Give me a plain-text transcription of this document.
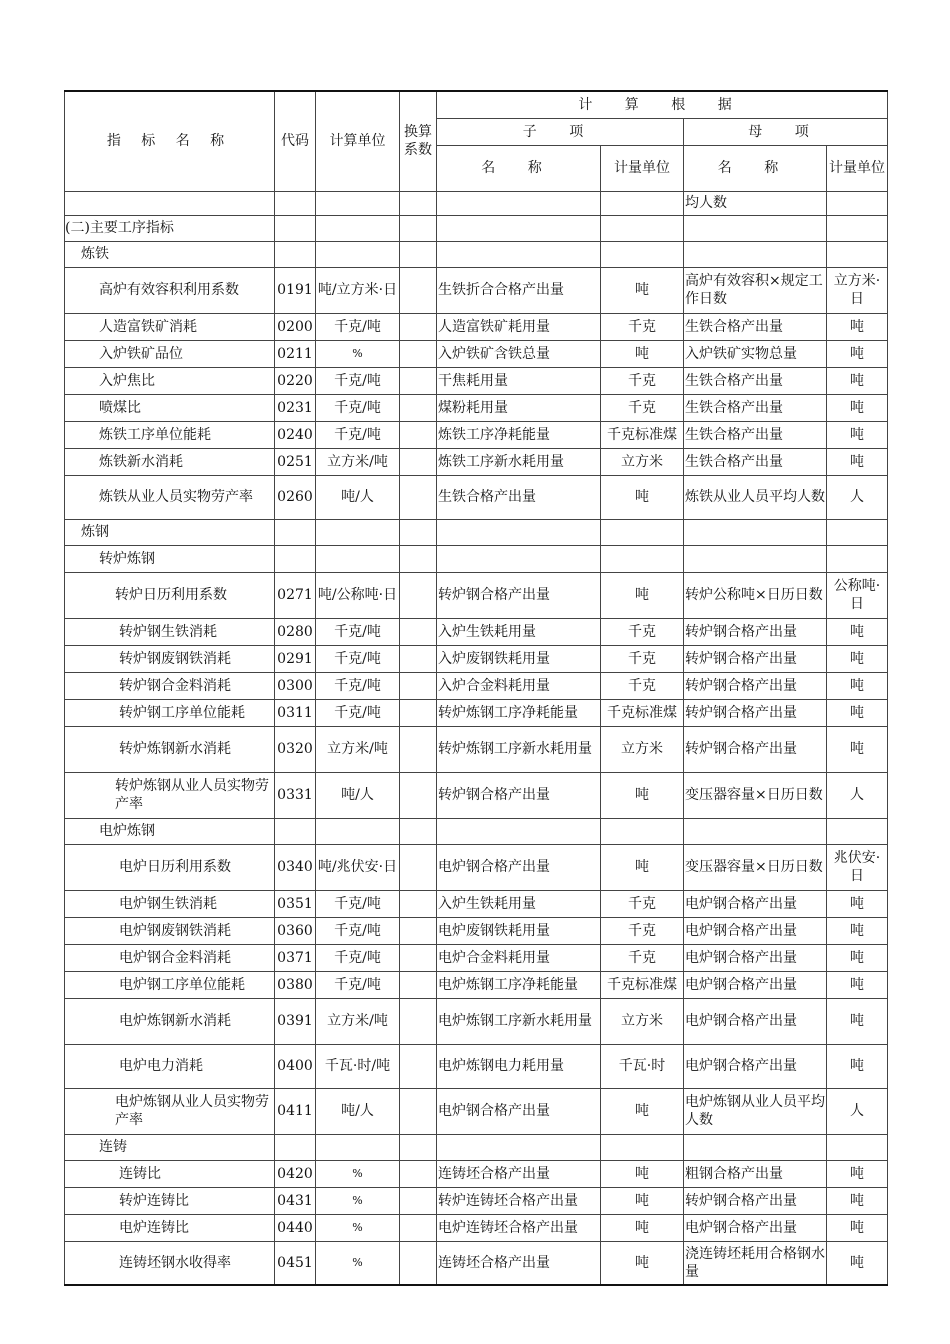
指 标 名 称	代码	计算单位	换算系数	计 算 根 据			
				子 项		母 项	
				名 称	计量单位	名 称	计量单位
						均人数	
(二)主要工序指标							
炼铁							
高炉有效容积利用系数	0191	吨/立方米·日		生铁折合合格产出量	吨	高炉有效容积×规定工作日数	立方米·日
人造富铁矿消耗	0200	千克/吨		人造富铁矿耗用量	千克	生铁合格产出量	吨
入炉铁矿品位	0211	%		入炉铁矿含铁总量	吨	入炉铁矿实物总量	吨
入炉焦比	0220	千克/吨		干焦耗用量	千克	生铁合格产出量	吨
喷煤比	0231	千克/吨		煤粉耗用量	千克	生铁合格产出量	吨
炼铁工序单位能耗	0240	千克/吨		炼铁工序净耗能量	千克标准煤	生铁合格产出量	吨
炼铁新水消耗	0251	立方米/吨		炼铁工序新水耗用量	立方米	生铁合格产出量	吨
炼铁从业人员实物劳产率	0260	吨/人		生铁合格产出量	吨	炼铁从业人员平均人数	人
炼钢							
转炉炼钢							
转炉日历利用系数	0271	吨/公称吨·日		转炉钢合格产出量	吨	转炉公称吨×日历日数	公称吨·日
转炉钢生铁消耗	0280	千克/吨		入炉生铁耗用量	千克	转炉钢合格产出量	吨
转炉钢废钢铁消耗	0291	千克/吨		入炉废钢铁耗用量	千克	转炉钢合格产出量	吨
转炉钢合金料消耗	0300	千克/吨		入炉合金料耗用量	千克	转炉钢合格产出量	吨
转炉钢工序单位能耗	0311	千克/吨		转炉炼钢工序净耗能量	千克标准煤	转炉钢合格产出量	吨
转炉炼钢新水消耗	0320	立方米/吨		转炉炼钢工序新水耗用量	立方米	转炉钢合格产出量	吨
转炉炼钢从业人员实物劳产率	0331	吨/人		转炉钢合格产出量	吨	变压器容量×日历日数	人
电炉炼钢							
电炉日历利用系数	0340	吨/兆伏安·日		电炉钢合格产出量	吨	变压器容量×日历日数	兆伏安·日
电炉钢生铁消耗	0351	千克/吨		入炉生铁耗用量	千克	电炉钢合格产出量	吨
电炉钢废钢铁消耗	0360	千克/吨		电炉废钢铁耗用量	千克	电炉钢合格产出量	吨
电炉钢合金料消耗	0371	千克/吨		电炉合金料耗用量	千克	电炉钢合格产出量	吨
电炉钢工序单位能耗	0380	千克/吨		电炉炼钢工序净耗能量	千克标准煤	电炉钢合格产出量	吨
电炉炼钢新水消耗	0391	立方米/吨		电炉炼钢工序新水耗用量	立方米	电炉钢合格产出量	吨
电炉电力消耗	0400	千瓦·时/吨		电炉炼钢电力耗用量	千瓦·时	电炉钢合格产出量	吨
电炉炼钢从业人员实物劳产率	0411	吨/人		电炉钢合格产出量	吨	电炉炼钢从业人员平均人数	人
连铸							
连铸比	0420	%		连铸坯合格产出量	吨	粗钢合格产出量	吨
转炉连铸比	0431	%		转炉连铸坯合格产出量	吨	转炉钢合格产出量	吨
电炉连铸比	0440	%		电炉连铸坯合格产出量	吨	电炉钢合格产出量	吨
连铸坯钢水收得率	0451	%		连铸坯合格产出量	吨	浇连铸坯耗用合格钢水量	吨
